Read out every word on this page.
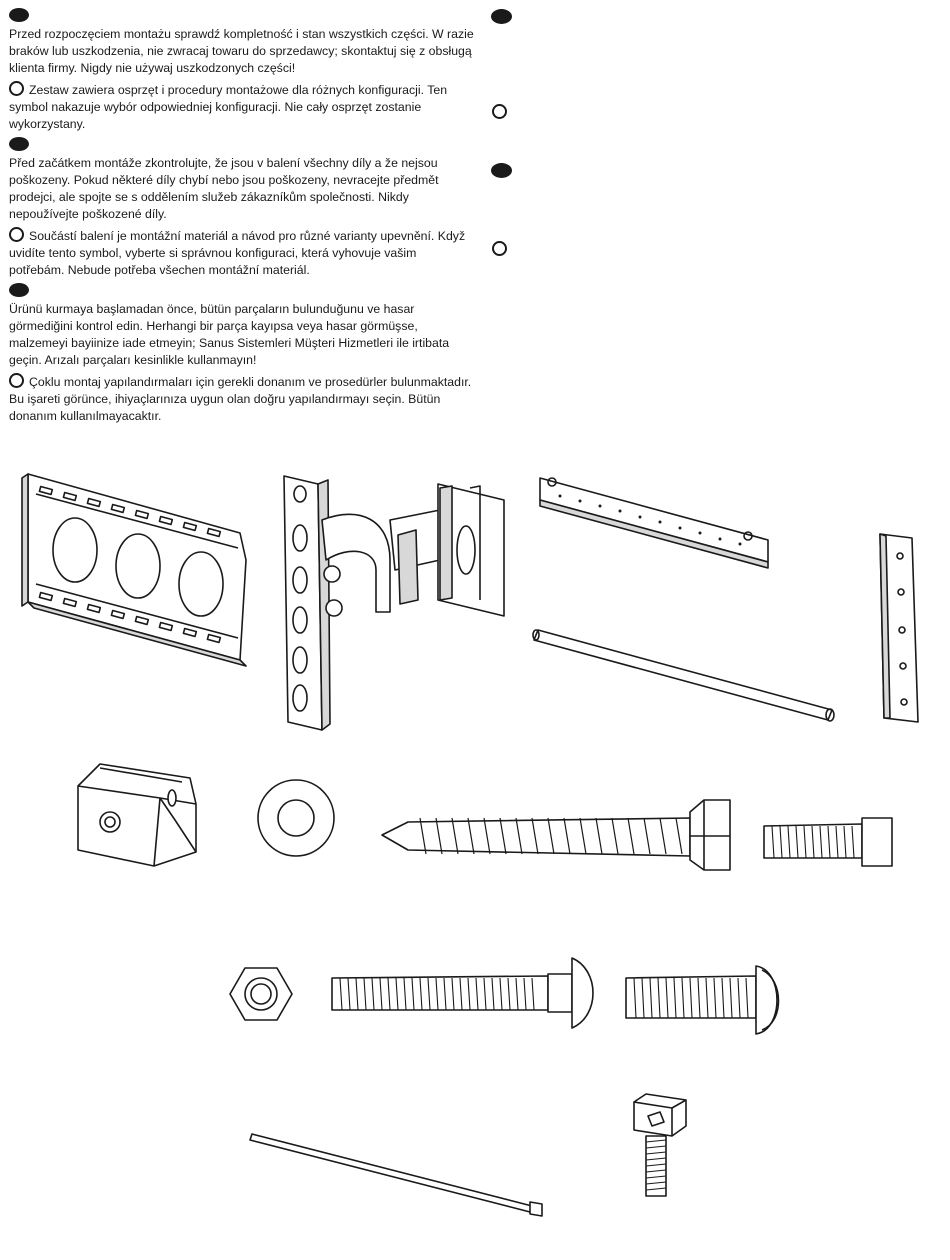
Przed rozpoczęciem montażu sprawdź kompletność i stan wszystkich części. W razie braków lub uszkodzenia, nie zwracaj towaru do sprzedawcy; skontaktuj się z obsługą klienta firmy. Nigdy nie używaj uszkodzonych części!

Zestaw zawiera osprzęt i procedury montażowe dla różnych konfiguracji. Ten symbol nakazuje wybór odpowiedniej konfiguracji. Nie cały osprzęt zostanie wykorzystany.

Před začátkem montáže zkontrolujte, že jsou v balení všechny díly a že nejsou poškozeny. Pokud některé díly chybí nebo jsou poškozeny, nevracejte předmět prodejci, ale spojte se s oddělením služeb zákazníkům společnosti. Nikdy nepoužívejte poškozené díly.

Součástí balení je montážní materiál a návod pro různé varianty upevnění. Když uvidíte tento symbol, vyberte si správnou konfiguraci, která vyhovuje vašim potřebám. Nebude potřeba všechen montážní materiál.

Ürünü kurmaya başlamadan önce, bütün parçaların bulunduğunu ve hasar görmediğini kontrol edin. Herhangi bir parça kayıpsa veya hasar görmüşse, malzemeyi bayiinize iade etmeyin; Sanus Sistemleri Müşteri Hizmetleri ile irtibata geçin. Arızalı parçaları kesinlikle kullanmayın!

Çoklu montaj yapılandırmaları için gerekli donanım ve prosedürler bulunmaktadır. Bu işareti görünce, ihiyaçlarınıza uygun olan doğru yapılandırmayı seçin. Bütün donanım kullanılmayacaktır.
